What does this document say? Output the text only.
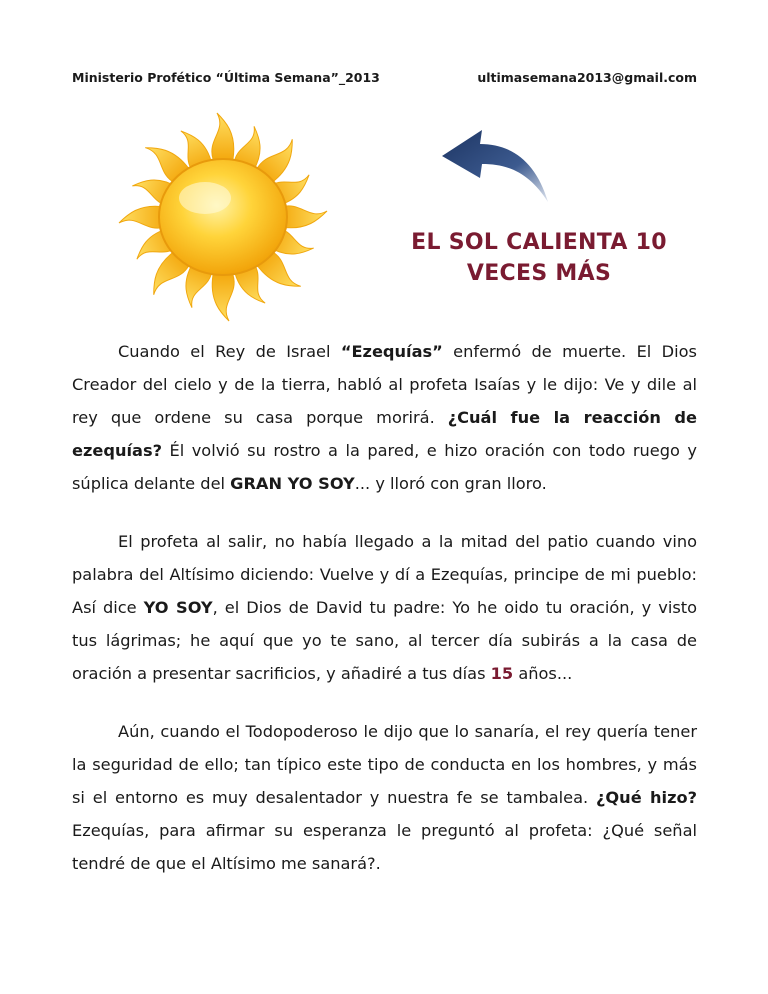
Ministerio Profético “Última Semana”_2013	ultimasemana2013@gmail.com
EL SOL CALIENTA 10
VECES MÁS

Cuando el Rey de Israel “Ezequías” enfermó de muerte. El Dios Creador del cielo y de la tierra, habló al profeta Isaías y le dijo: Ve y dile al rey que ordene su casa porque morirá. ¿Cuál fue la reacción de ezequías? Él volvió su rostro a la pared, e hizo oración con todo ruego y súplica delante del GRAN YO SOY... y lloró con gran lloro.

El profeta al salir, no había llegado a la mitad del patio cuando vino palabra del Altísimo diciendo: Vuelve y dí a Ezequías, principe de mi pueblo: Así dice YO SOY, el Dios de David tu padre: Yo he oido tu oración, y visto tus lágrimas; he aquí que yo te sano, al tercer día subirás a la casa de oración a presentar sacrificios, y añadiré a tus días 15 años...

Aún, cuando el Todopoderoso le dijo que lo sanaría, el rey quería tener la seguridad de ello; tan típico este tipo de conducta en los hombres, y más si el entorno es muy desalentador y nuestra fe se tambalea. ¿Qué hizo? Ezequías, para afirmar su esperanza le preguntó al profeta: ¿Qué señal tendré de que el Altísimo me sanará?.
